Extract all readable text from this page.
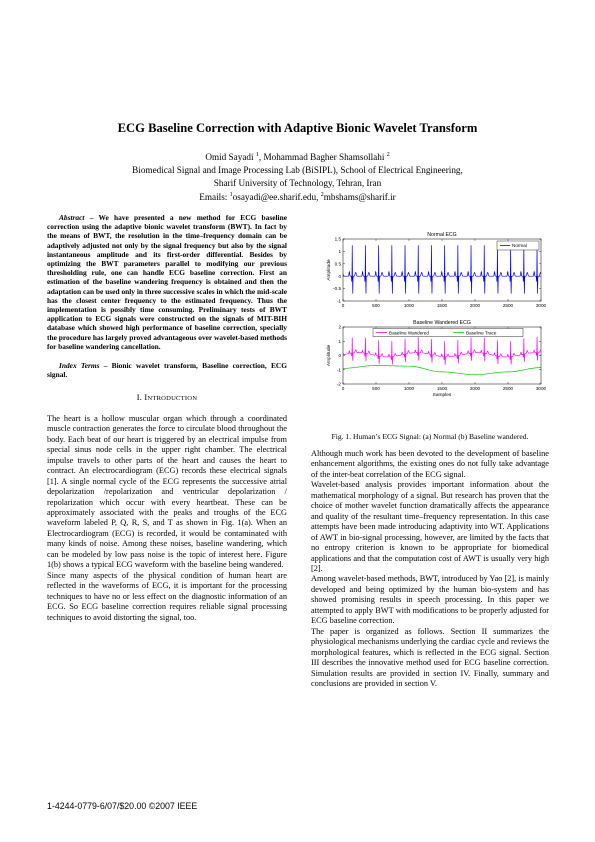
ECG Baseline Correction with Adaptive Bionic Wavelet Transform
Omid Sayadi $^1$, Mohammad Bagher Shamsollahi $^2$
Biomedical Signal and Image Processing Lab (BiSIPL), School of Electrical Engineering,
Sharif University of Technology, Tehran, Iran
Emails: $^1$osayadi@ee.sharif.edu, $^2$mbshams@sharif.ir

Abstract – We have presented a new method for ECG baseline correction using the adaptive bionic wavelet transform (BWT). In fact by the means of BWT, the resolution in the time–frequency domain can be adaptively adjusted not only by the signal frequency but also by the signal instantaneous amplitude and its first-order differential. Besides by optimizing the BWT parameters parallel to modifying our previous thresholding rule, one can handle ECG baseline correction. First an estimation of the baseline wandering frequency is obtained and then the adaptation can be used only in three successive scales in which the mid-scale has the closest center frequency to the estimated frequency. Thus the implementation is possibly time consuming. Preliminary tests of BWT application to ECG signals were constructed on the signals of MIT-BIH database which showed high performance of baseline correction, specially the procedure has largely proved advantageous over wavelet-based methods for baseline wandering cancellation.

Index Terms – Bionic wavelet transform, Baseline correction, ECG signal.

I. INTRODUCTION

The heart is a hollow muscular organ which through a coordinated muscle contraction generates the force to circulate blood throughout the body. Each beat of our heart is triggered by an electrical impulse from special sinus node cells in the upper right chamber. The electrical impulse travels to other parts of the heart and causes the heart to contract. An electrocardiogram (ECG) records these electrical signals [1]. A single normal cycle of the ECG represents the successive atrial depolarization /repolarization and ventricular depolarization / repolarization which occur with every heartbeat. These can be approximately associated with the peaks and troughs of the ECG waveform labeled P, Q, R, S, and T as shown in Fig. 1(a). When an Electrocardiogram (ECG) is recorded, it would be contaminated with many kinds of noise. Among these noises, baseline wandering, which can be modeled by low pass noise is the topic of interest here. Figure 1(b) shows a typical ECG waveform with the baseline being wandered.

Since many aspects of the physical condition of human heart are reflected in the waveforms of ECG, it is important for the processing techniques to have no or less effect on the diagnostic information of an ECG. So ECG baseline correction requires reliable signal processing techniques to avoid distorting the signal, too.

Normal ECG
0	500	1000	1500	2000	2500	3000
-1
-0.5
0
0.5
1
1.5
Amplitude
Normal
Baseline Wandered ECG
0	500	1000	1500	2000	2500	3000
-2
-1
0
1
2
Amplitude
Samples
Baseline Wandered	Baseline Trace
Fig. 1. Human’s ECG Signal: (a) Normal (b) Baseline wandered.

Although much work has been devoted to the development of baseline enhancement algorithms, the existing ones do not fully take advantage of the inter-beat correlation of the ECG signal.

Wavelet-based analysis provides important information about the mathematical morphology of a signal. But research has proven that the choice of mother wavelet function dramatically affects the appearance and quality of the resultant time–frequency representation. In this case attempts have been made introducing adaptivity into WT. Applications of AWT in bio-signal processing, however, are limited by the facts that no entropy criterion is known to be appropriate for biomedical applications and that the computation cost of AWT is usually very high [2].

Among wavelet-based methods, BWT, introduced by Yao [2], is mainly developed and being optimized by the human bio-system and has showed promising results in speech processing. In this paper we attempted to apply BWT with modifications to be properly adjusted for ECG baseline correction.

The paper is organized as follows. Section II summarizes the physiological mechanisms underlying the cardiac cycle and reviews the morphological features, which is reflected in the ECG signal. Section III describes the innovative method used for ECG baseline correction. Simulation results are provided in section IV. Finally, summary and conclusions are provided in section V.

1-4244-0779-6/07/$20.00 ©2007 IEEE
